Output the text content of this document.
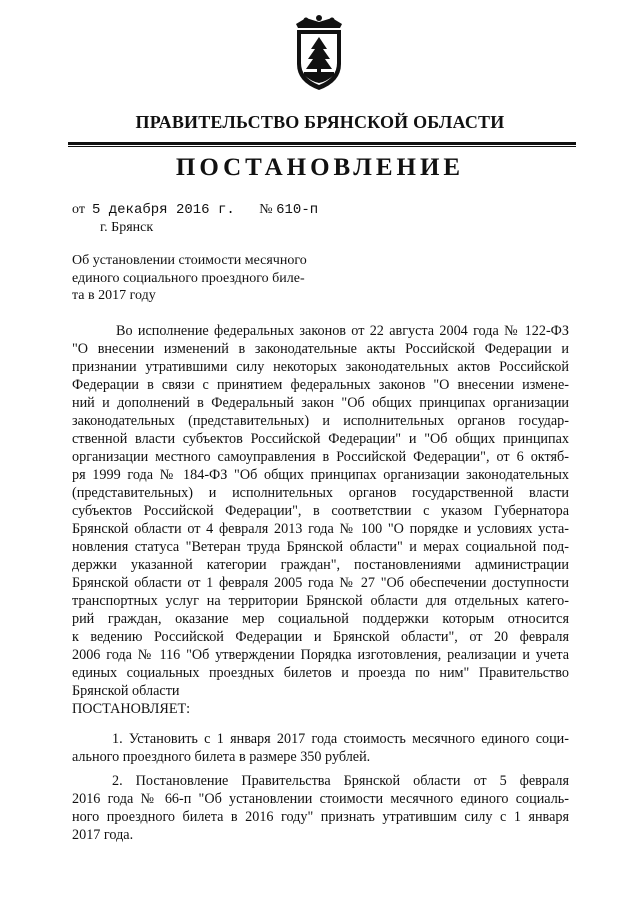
ПРАВИТЕЛЬСТВО БРЯНСКОЙ ОБЛАСТИ
ПОСТАНОВЛЕНИЕ
от 5 декабря 2016 г. № 610-п
г. Брянск
Об установлении стоимости месячного
единого социального проездного биле-
та в 2017 году
Во исполнение федеральных законов от 22 августа 2004 года № 122-ФЗ
"О внесении изменений в законодательные акты Российской Федерации и
признании утратившими силу некоторых законодательных актов Российской
Федерации в связи с принятием федеральных законов "О внесении измене-
ний и дополнений в Федеральный закон "Об общих принципах организации
законодательных (представительных) и исполнительных органов государ-
ственной власти субъектов Российской Федерации" и "Об общих принципах
организации местного самоуправления в Российской Федерации", от 6 октяб-
ря 1999 года № 184-ФЗ "Об общих принципах организации законодательных
(представительных) и исполнительных органов государственной власти
субъектов Российской Федерации", в соответствии с указом Губернатора
Брянской области от 4 февраля 2013 года № 100 "О порядке и условиях уста-
новления статуса "Ветеран труда Брянской области" и мерах социальной под-
держки указанной категории граждан", постановлениями администрации
Брянской области от 1 февраля 2005 года № 27 "Об обеспечении доступности
транспортных услуг на территории Брянской области для отдельных катего-
рий граждан, оказание мер социальной поддержки которым относится
к ведению Российской Федерации и Брянской области", от 20 февраля
2006 года № 116 "Об утверждении Порядка изготовления, реализации и учета
единых социальных проездных билетов и проезда по ним" Правительство
Брянской области
ПОСТАНОВЛЯЕТ:
1. Установить с 1 января 2017 года стоимость месячного единого соци-
ального проездного билета в размере 350 рублей.
2. Постановление Правительства Брянской области от 5 февраля
2016 года № 66-п "Об установлении стоимости месячного единого социаль-
ного проездного билета в 2016 году" признать утратившим силу с 1 января
2017 года.
